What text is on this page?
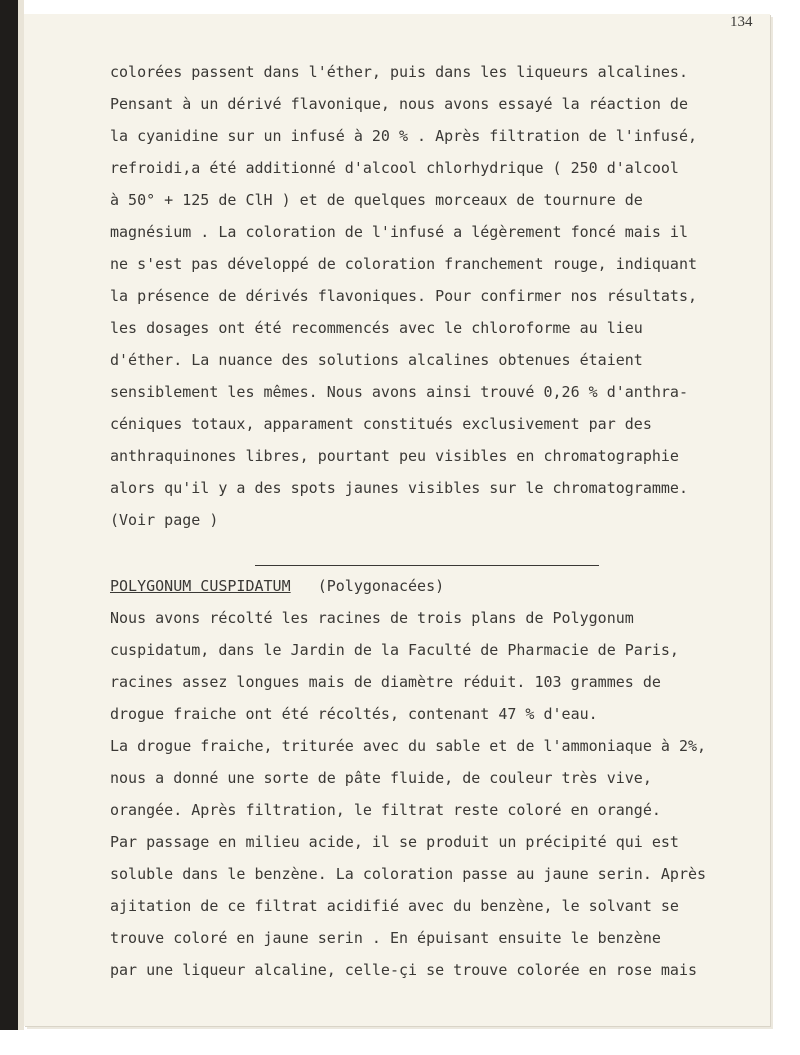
134
colorées passent dans l'éther, puis dans les liqueurs alcalines.
Pensant à un dérivé flavonique, nous avons essayé la réaction de
la cyanidine sur un infusé à 20 % . Après filtration de l'infusé,
refroidi,a été additionné d'alcool chlorhydrique ( 250 d'alcool
à 50° + 125 de ClH ) et de quelques morceaux de tournure de
magnésium . La coloration de l'infusé a légèrement foncé mais il
ne s'est pas développé de coloration franchement rouge, indiquant
la présence de dérivés flavoniques. Pour confirmer nos résultats,
les dosages ont été recommencés avec le chloroforme au lieu
d'éther. La nuance des solutions alcalines obtenues étaient
sensiblement les mêmes. Nous avons ainsi trouvé 0,26 % d'anthra-
céniques totaux, apparament constitués exclusivement par des
anthraquinones libres, pourtant peu visibles en chromatographie
alors qu'il y a des spots jaunes visibles sur le chromatogramme.
(Voir page )
POLYGONUM CUSPIDATUM (Polygonacées)
Nous avons récolté les racines de trois plans de Polygonum
cuspidatum, dans le Jardin de la Faculté de Pharmacie de Paris,
racines assez longues mais de diamètre réduit. 103 grammes de
drogue fraiche ont été récoltés, contenant 47 % d'eau.
La drogue fraiche, triturée avec du sable et de l'ammoniaque à 2%,
nous a donné une sorte de pâte fluide, de couleur très vive,
orangée. Après filtration, le filtrat reste coloré en orangé.
Par passage en milieu acide, il se produit un précipité qui est
soluble dans le benzène. La coloration passe au jaune serin. Après
ajitation de ce filtrat acidifié avec du benzène, le solvant se
trouve coloré en jaune serin . En épuisant ensuite le benzène
par une liqueur alcaline, celle-çi se trouve colorée en rose mais
